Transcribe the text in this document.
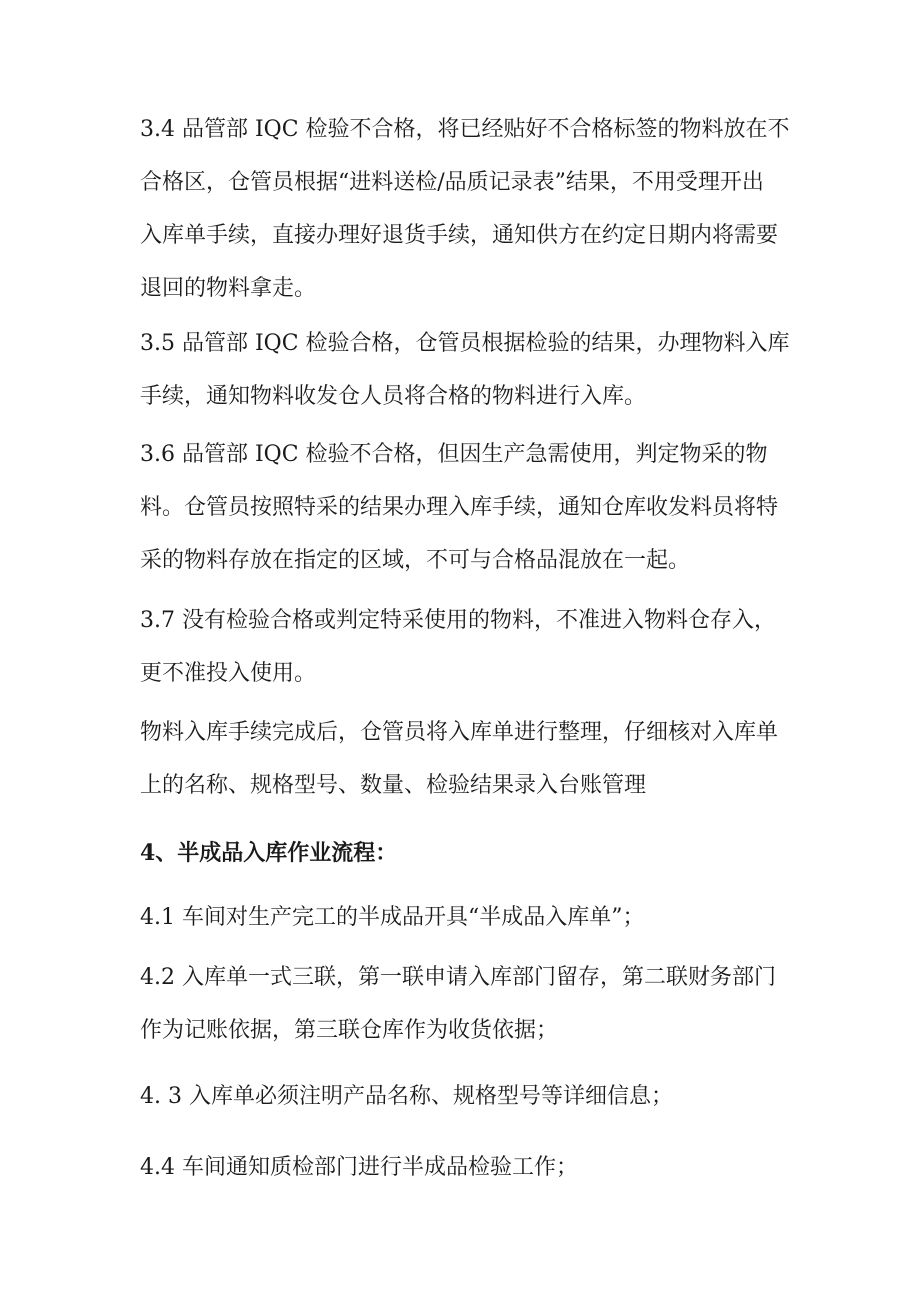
3.4 品管部 IQC 检验不合格，将已经贴好不合格标签的物料放在不

合格区，仓管员根据“进料送检/品质记录表”结果，不用受理开出

入库单手续，直接办理好退货手续，通知供方在约定日期内将需要

退回的物料拿走。

3.5 品管部 IQC 检验合格，仓管员根据检验的结果，办理物料入库

手续，通知物料收发仓人员将合格的物料进行入库。

3.6 品管部 IQC 检验不合格，但因生产急需使用，判定物采的物

料。仓管员按照特采的结果办理入库手续，通知仓库收发料员将特

采的物料存放在指定的区域，不可与合格品混放在一起。

3.7 没有检验合格或判定特采使用的物料，不准进入物料仓存入，

更不准投入使用。

物料入库手续完成后，仓管员将入库单进行整理，仔细核对入库单

上的名称、规格型号、数量、检验结果录入台账管理

4、半成品入库作业流程：

4.1 车间对生产完工的半成品开具“半成品入库单”；

4.2 入库单一式三联，第一联申请入库部门留存，第二联财务部门

作为记账依据，第三联仓库作为收货依据；

4. 3 入库单必须注明产品名称、规格型号等详细信息；

4.4 车间通知质检部门进行半成品检验工作；
